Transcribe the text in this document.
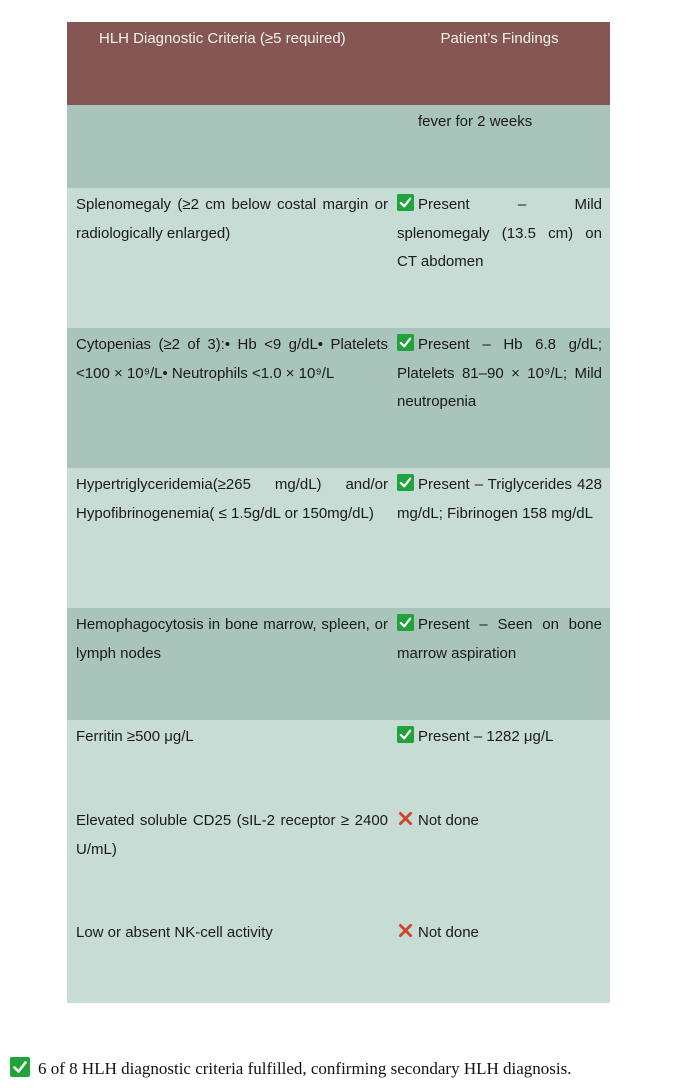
HLH Diagnostic Criteria (≥5 required)	Patient’s Findings

	fever for 2 weeks

Splenomegaly (≥2 cm below costal margin or radiologically enlarged)	Present – Mild splenomegaly (13.5 cm) on CT abdomen

Cytopenias (≥2 of 3):• Hb <9 g/dL• Platelets <100 × 10⁹/L• Neutrophils <1.0 × 10⁹/L	Present – Hb 6.8 g/dL; Platelets 81–90 × 10⁹/L; Mild neutropenia

Hypertriglyceridemia(≥265 mg/dL) and/or Hypofibrinogenemia( ≤ 1.5g/dL or 150mg/dL)	Present – Triglycerides 428 mg/dL; Fibrinogen 158 mg/dL

Hemophagocytosis in bone marrow, spleen, or lymph nodes	Present – Seen on bone marrow aspiration

Ferritin ≥500 μg/L	Present – 1282 μg/L

Elevated soluble CD25 (sIL-2 receptor ≥ 2400 U/mL)	Not done

Low or absent NK-cell activity	Not done
6 of 8 HLH diagnostic criteria fulfilled, confirming secondary HLH diagnosis.
